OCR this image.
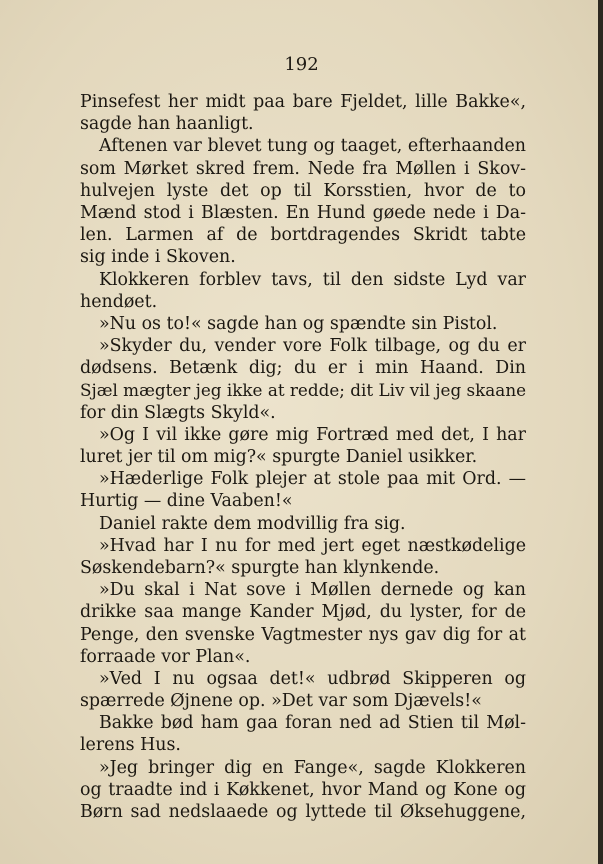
192
Pinsefest her midt paa bare Fjeldet, lille Bakke«,
sagde han haanligt.
Aftenen var blevet tung og taaget, efterhaanden
som Mørket skred frem. Nede fra Møllen i Skov-
hulvejen lyste det op til Korsstien, hvor de to
Mænd stod i Blæsten. En Hund gøede nede i Da-
len. Larmen af de bortdragendes Skridt tabte
sig inde i Skoven.
Klokkeren forblev tavs, til den sidste Lyd var
hendøet.
»Nu os to!« sagde han og spændte sin Pistol.
»Skyder du, vender vore Folk tilbage, og du er
dødsens. Betænk dig; du er i min Haand. Din
Sjæl mægter jeg ikke at redde; dit Liv vil jeg skaane
for din Slægts Skyld«.
»Og I vil ikke gøre mig Fortræd med det, I har
luret jer til om mig?« spurgte Daniel usikker.
»Hæderlige Folk plejer at stole paa mit Ord. —
Hurtig — dine Vaaben!«
Daniel rakte dem modvillig fra sig.
»Hvad har I nu for med jert eget næstkødelige
Søskendebarn?« spurgte han klynkende.
»Du skal i Nat sove i Møllen dernede og kan
drikke saa mange Kander Mjød, du lyster, for de
Penge, den svenske Vagtmester nys gav dig for at
forraade vor Plan«.
»Ved I nu ogsaa det!« udbrød Skipperen og
spærrede Øjnene op. »Det var som Djævels!«
Bakke bød ham gaa foran ned ad Stien til Møl-
lerens Hus.
»Jeg bringer dig en Fange«, sagde Klokkeren
og traadte ind i Køkkenet, hvor Mand og Kone og
Børn sad nedslaaede og lyttede til Øksehuggene,
